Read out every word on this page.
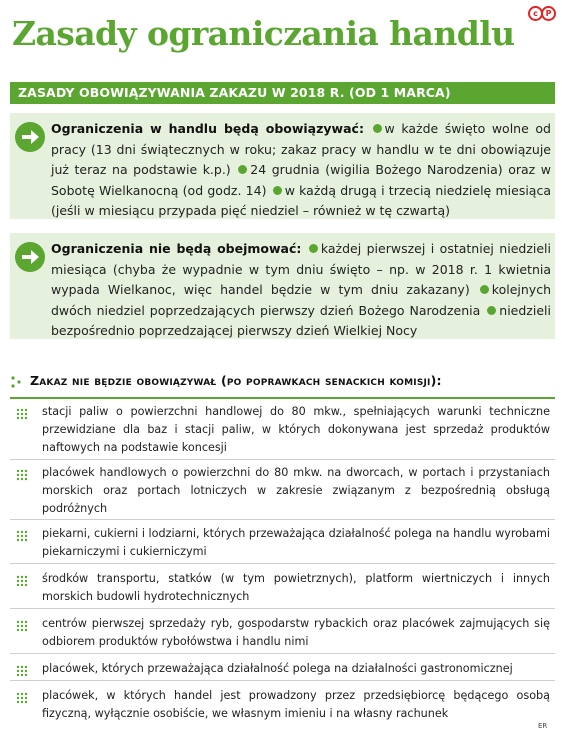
Zasady ograniczania handlu
c P
ZASADY OBOWIĄZYWANIA ZAKAZU W 2018 R. (OD 1 MARCA)
Ograniczenia w handlu będą obowiązywać: w każde święto wolne od pracy (13 dni świątecznych w roku; zakaz pracy w handlu w te dni obowiązuje już teraz na podstawie k.p.) 24 grudnia (wigilia Bożego Narodzenia) oraz w Sobotę Wielkanocną (od godz. 14) w każdą drugą i trzecią niedzielę miesiąca (jeśli w miesiącu przypada pięć niedziel – również w tę czwartą)
Ograniczenia nie będą obejmować: każdej pierwszej i ostatniej niedzieli miesiąca (chyba że wypadnie w tym dniu święto – np. w 2018 r. 1 kwietnia wypada Wielkanoc, więc handel będzie w tym dniu zakazany) kolejnych dwóch niedziel poprzedzających pierwszy dzień Bożego Narodzenia niedzieli bezpośrednio poprzedzającej pierwszy dzień Wielkiej Nocy
Zakaz nie będzie obowiązywał (po poprawkach senackich komisji):
stacji paliw o powierzchni handlowej do 80 mkw., spełniających warunki techniczne przewidziane dla baz i stacji paliw, w których dokonywana jest sprzedaż produktów naftowych na podstawie koncesji
placówek handlowych o powierzchni do 80 mkw. na dworcach, w portach i przystaniach morskich oraz portach lotniczych w zakresie związanym z bezpośrednią obsługą podróżnych
piekarni, cukierni i lodziarni, których przeważająca działalność polega na handlu wyrobami piekarniczymi i cukierniczymi
środków transportu, statków (w tym powietrznych), platform wiertniczych i innych morskich budowli hydrotechnicznych
centrów pierwszej sprzedaży ryb, gospodarstw rybackich oraz placówek zajmujących się odbiorem produktów rybołówstwa i handlu nimi
placówek, których przeważająca działalność polega na działalności gastronomicznej
placówek, w których handel jest prowadzony przez przedsiębiorcę będącego osobą fizyczną, wyłącznie osobiście, we własnym imieniu i na własny rachunek
ER
